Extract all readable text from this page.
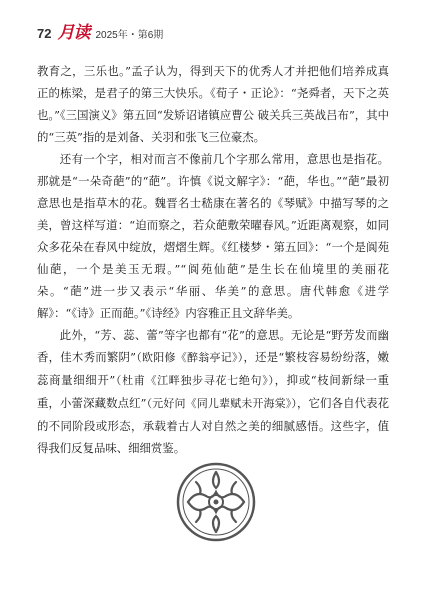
72 月读 2025年・第6期

教育之，三乐也。”孟子认为，得到天下的优秀人才并把他们培养成真正的栋梁，是君子的第三大快乐。《荀子・正论》：“尧舜者，天下之英也。”《三国演义》第五回“发矫诏诸镇应曹公 破关兵三英战吕布”，其中的“三英”指的是刘备、关羽和张飞三位豪杰。

还有一个字，相对而言不像前几个字那么常用，意思也是指花。那就是“一朵奇葩”的“葩”。许慎《说文解字》：“葩，华也。”“葩”最初意思也是指草木的花。魏晋名士嵇康在著名的《琴赋》中描写琴的之美，曾这样写道：“迫而察之，若众葩敷荣曜春风。”近距离观察，如同众多花朵在春风中绽放，熠熠生辉。《红楼梦・第五回》：“一个是阆苑仙葩，一个是美玉无瑕。”“阆苑仙葩”是生长在仙境里的美丽花朵。“葩”进一步又表示“华丽、华美”的意思。唐代韩愈《进学解》：“《诗》正而葩。”《诗经》内容雅正且文辞华美。

此外，“芳、蕊、蕾”等字也都有“花”的意思。无论是“野芳发而幽香，佳木秀而繁阴”（欧阳修《醉翁亭记》），还是“繁枝容易纷纷落，嫩蕊商量细细开”（杜甫《江畔独步寻花七绝句》），抑或“枝间新绿一重重，小蕾深藏数点红”（元好问《同儿辈赋未开海棠》），它们各自代表花的不同阶段或形态，承载着古人对自然之美的细腻感悟。这些字，值得我们反复品味、细细赏鉴。
